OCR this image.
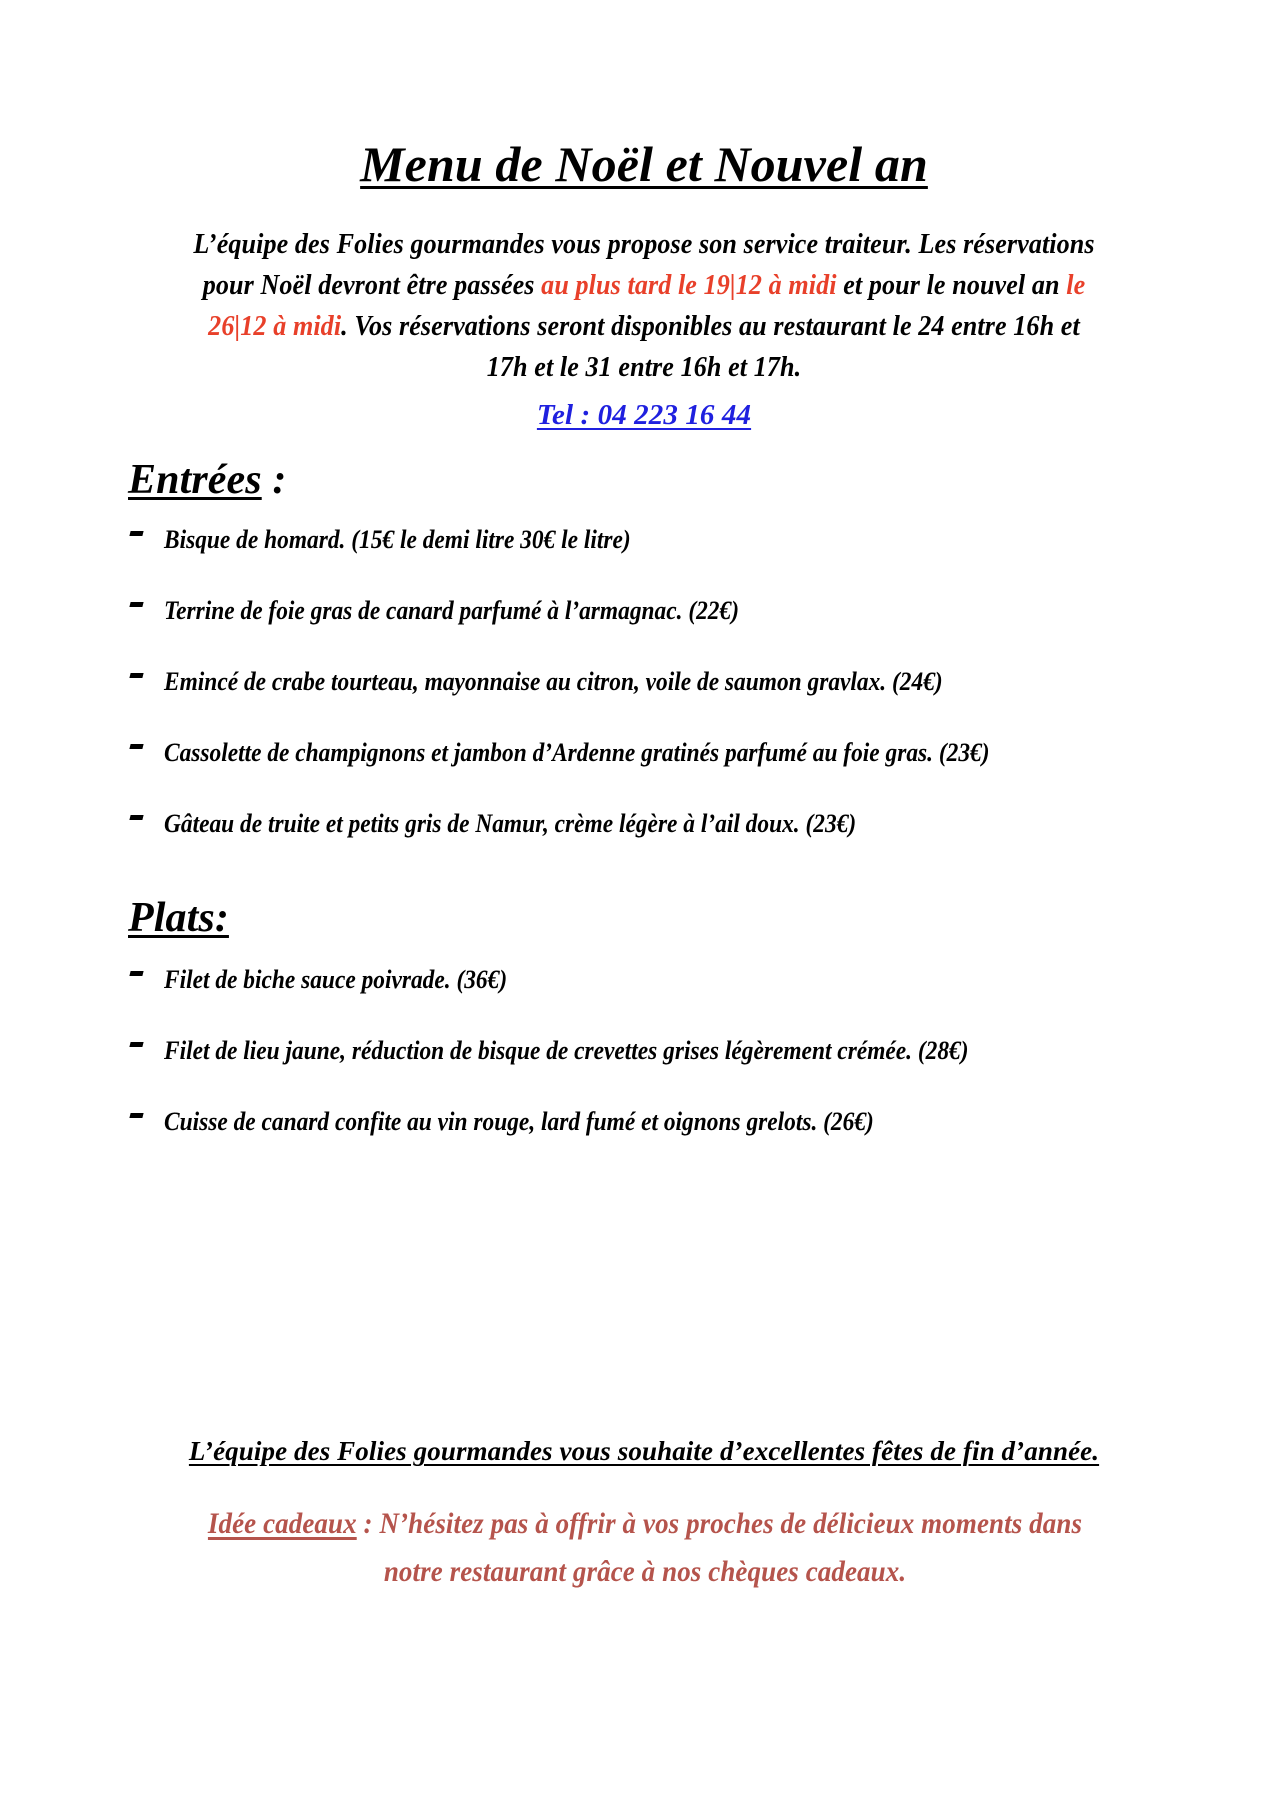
Menu de Noël et Nouvel an
L’équipe des Folies gourmandes vous propose son service traiteur. Les réservations pour Noël devront être passées au plus tard le 19|12 à midi et pour le nouvel an le 26|12 à midi. Vos réservations seront disponibles au restaurant le 24 entre 16h et 17h et le 31 entre 16h et 17h.
Tel : 04 223 16 44
Entrées :
Bisque de homard. (15€ le demi litre 30€ le litre)
Terrine de foie gras de canard parfumé à l’armagnac. (22€)
Emincé de crabe tourteau, mayonnaise au citron, voile de saumon gravlax. (24€)
Cassolette de champignons et jambon d’Ardenne gratinés parfumé au foie gras. (23€)
Gâteau de truite et petits gris de Namur, crème légère à l’ail doux. (23€)
Plats:
Filet de biche sauce poivrade. (36€)
Filet de lieu jaune, réduction de bisque de crevettes grises légèrement crémée. (28€)
Cuisse de canard confite au vin rouge, lard fumé et oignons grelots. (26€)
L’équipe des Folies gourmandes vous souhaite d’excellentes fêtes de fin d’année.
Idée cadeaux : N’hésitez pas à offrir à vos proches de délicieux moments dans notre restaurant grâce à nos chèques cadeaux.
